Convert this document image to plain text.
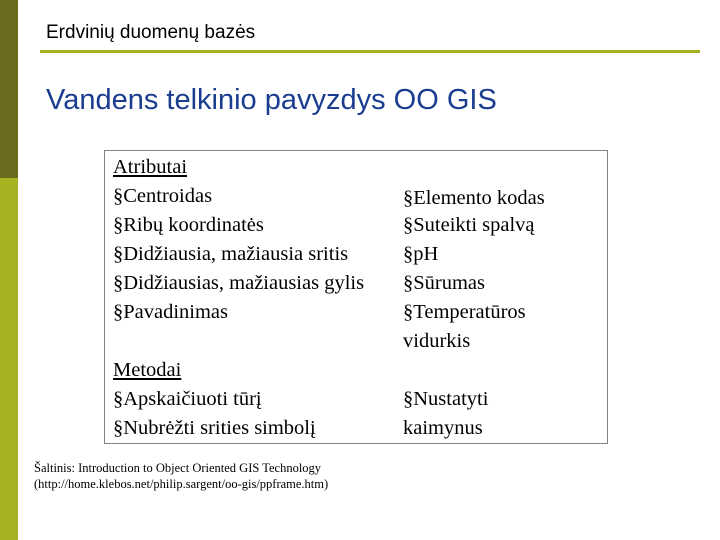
Erdvinių duomenų bazės
Vandens telkinio pavyzdys OO GIS
Atributai
§ Centroidas
§ Ribų koordinatės
§ Didžiausia, mažiausia sritis
§ Didžiausias, mažiausias gylis
§ Pavadinimas
§ Elemento kodas
§ Suteikti spalvą
§ pH
§ Sūrumas
§ Temperatūros
vidurkis
Metodai
§ Apskaičiuoti tūrį
§ Nubrėžti srities simbolį
§ Nustatyti
kaimynus
Šaltinis: Introduction to Object Oriented GIS Technology
(http://home.klebos.net/philip.sargent/oo-gis/ppframe.htm)
